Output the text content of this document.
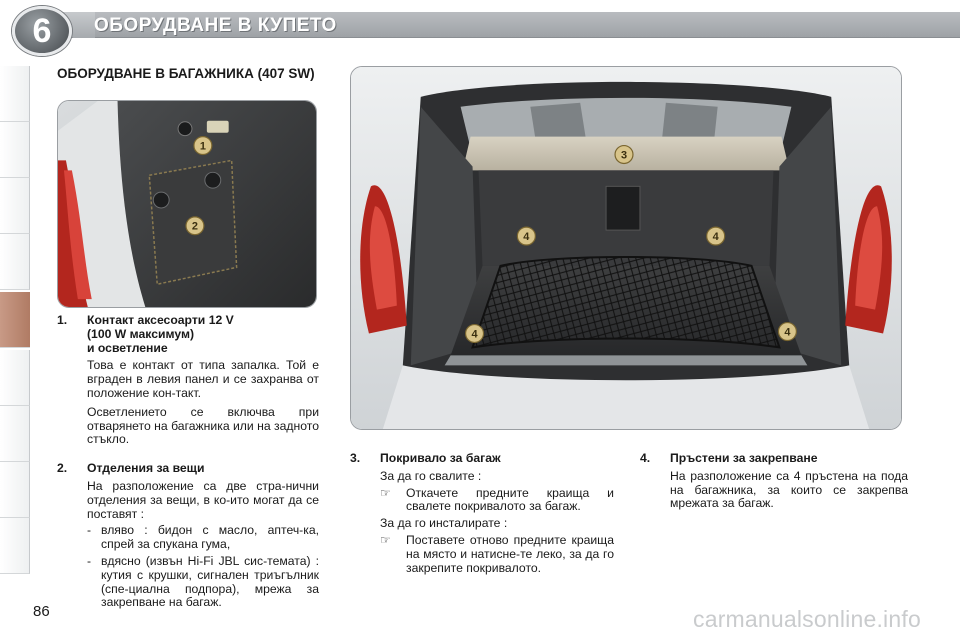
6	ОБОРУДВАНЕ В КУПЕТО
ОБОРУДВАНЕ В БАГАЖНИКА (407 SW)
1
2
3
4	4
4	4
1.	Контакт аксесоарти 12 V
(100 W максимум)
и осветление

Това е контакт от типа запалка. Той е вграден в левия панел и се захранва от положение кон-такт.

Осветлението се включва при отварянето на багажника или на задното стъкло.

2.	Отделения за вещи

На разположение са две стра-нични отделения за вещи, в ко-ито могат да се поставят :

- вляво : бидон с масло, аптеч-ка, спрей за спукана гума,
- вдясно (извън Hi-Fi JBL сис-темата) : кутия с крушки, сигнален триъгълник (спе-циална подпора), мрежа за закрепване на багаж.
3.	Покривало за багаж

За да го свалите :

☞	Откачете предните краища и свалете покривалото за багаж.

За да го инсталирате :

☞	Поставете отново предните краища на място и натисне-те леко, за да го закрепите покривалото.
4.	Пръстени за закрепване

На разположение са 4 пръстена на пода на багажника, за които се закрепва мрежата за багаж.

86	carmanualsonline.info
